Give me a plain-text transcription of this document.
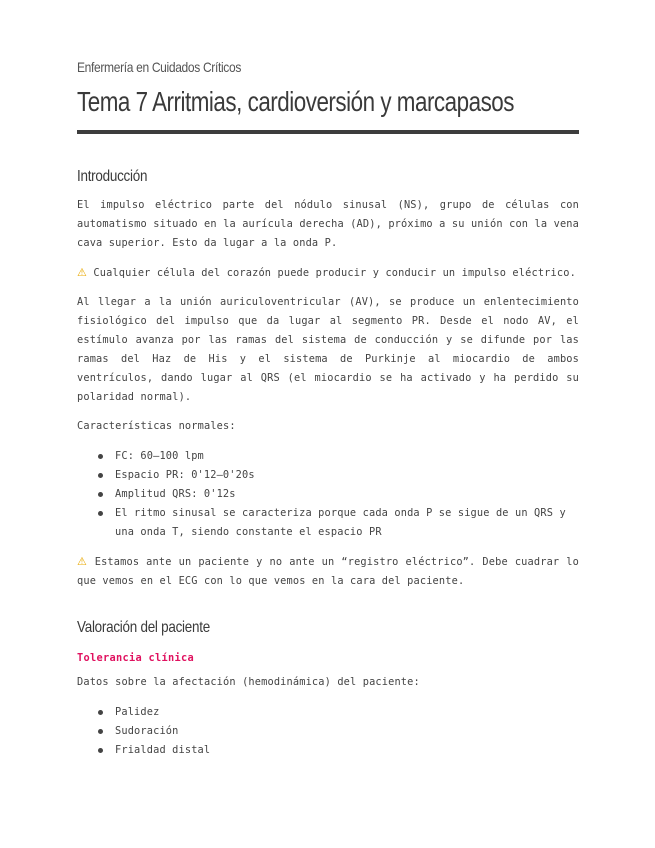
Enfermería en Cuidados Críticos
Tema 7 Arritmias, cardioversión y marcapasos
Introducción

El impulso eléctrico parte del nódulo sinusal (NS), grupo de células con automatismo situado en la aurícula derecha (AD), próximo a su unión con la vena cava superior. Esto da lugar a la onda P.

⚠ Cualquier célula del corazón puede producir y conducir un impulso eléctrico.

Al llegar a la unión auriculoventricular (AV), se produce un enlentecimiento fisiológico del impulso que da lugar al segmento PR. Desde el nodo AV, el estímulo avanza por las ramas del sistema de conducción y se difunde por las ramas del Haz de His y el sistema de Purkinje al miocardio de ambos ventrículos, dando lugar al QRS (el miocardio se ha activado y ha perdido su polaridad normal).

Características normales:

FC: 60–100 lpm
Espacio PR: 0'12–0'20s
Amplitud QRS: 0'12s
El ritmo sinusal se caracteriza porque cada onda P se sigue de un QRS y una onda T, siendo constante el espacio PR

⚠ Estamos ante un paciente y no ante un “registro eléctrico”. Debe cuadrar lo que vemos en el ECG con lo que vemos en la cara del paciente.

Valoración del paciente
Tolerancia clínica

Datos sobre la afectación (hemodinámica) del paciente:

Palidez
Sudoración
Frialdad distal
